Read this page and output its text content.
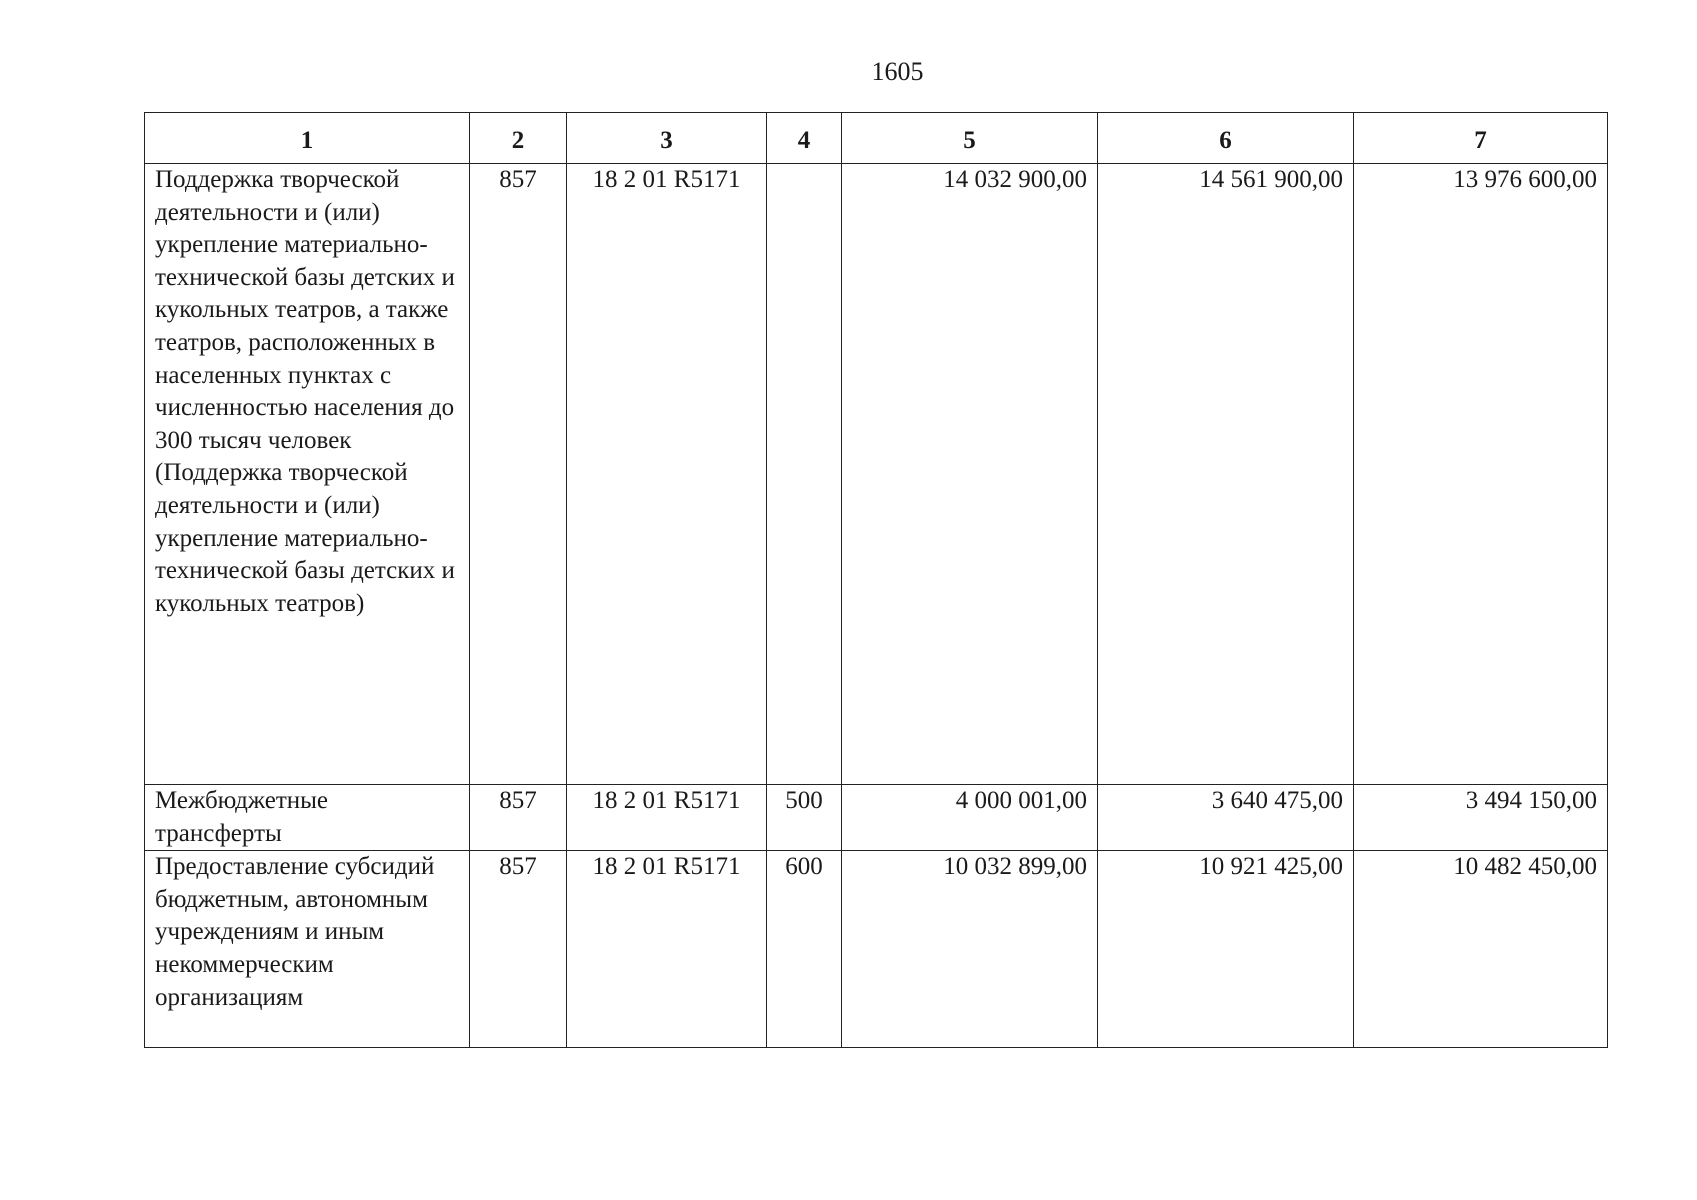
1605
1	2	3	4	5	6	7
Поддержка творческой деятельности и (или) укрепление материально-технической базы детских и кукольных театров, а также театров, расположенных в населенных пунктах с численностью населения до 300 тысяч человек (Поддержка творческой деятельности и (или) укрепление материально-технической базы детских и кукольных театров)	857	18 2 01 R5171		14 032 900,00	14 561 900,00	13 976 600,00
Межбюджетные трансферты	857	18 2 01 R5171	500	4 000 001,00	3 640 475,00	3 494 150,00
Предоставление субсидий бюджетным, автономным учреждениям и иным некоммерческим организациям	857	18 2 01 R5171	600	10 032 899,00	10 921 425,00	10 482 450,00
